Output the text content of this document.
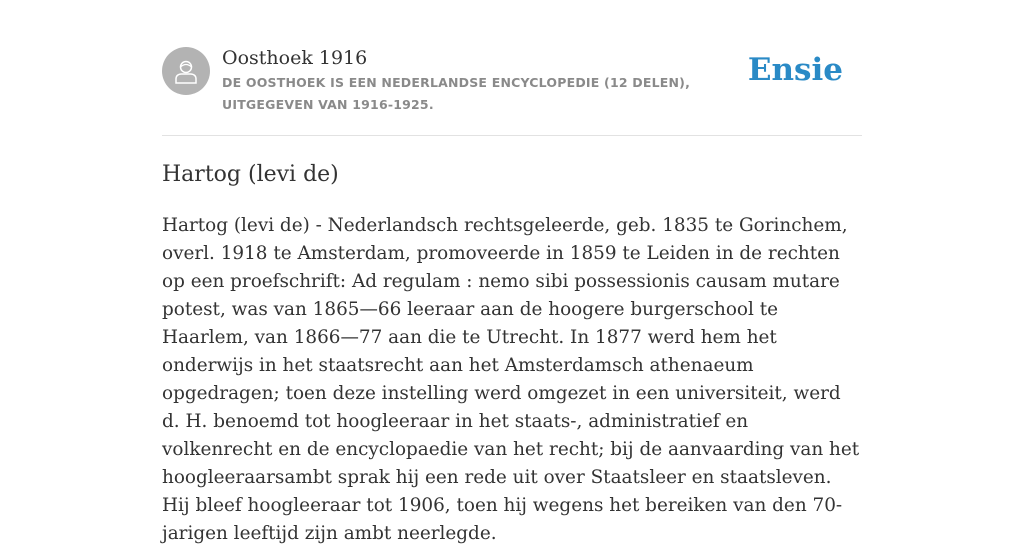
Oosthoek 1916
DE OOSTHOEK IS EEN NEDERLANDSE ENCYCLOPEDIE (12 DELEN), UITGEGEVEN VAN 1916-1925.
Ensie
Hartog (levi de)

Hartog (levi de) - Nederlandsch rechtsgeleerde, geb. 1835 te Gorinchem, overl. 1918 te Amsterdam, promoveerde in 1859 te Leiden in de rechten op een proefschrift: Ad regulam : nemo sibi possessionis causam mutare potest, was van 1865—66 leeraar aan de hoogere burgerschool te Haarlem, van 1866—77 aan die te Utrecht. In 1877 werd hem het onderwijs in het staatsrecht aan het Amsterdamsch athenaeum opgedragen; toen deze instelling werd omgezet in een universiteit, werd d. H. benoemd tot hoogleeraar in het staats-, administratief en volkenrecht en de encyclopaedie van het recht; bij de aanvaarding van het hoogleeraarsambt sprak hij een rede uit over Staatsleer en staatsleven. Hij bleef hoogleeraar tot 1906, toen hij wegens het bereiken van den 70-jarigen leeftijd zijn ambt neerlegde.
